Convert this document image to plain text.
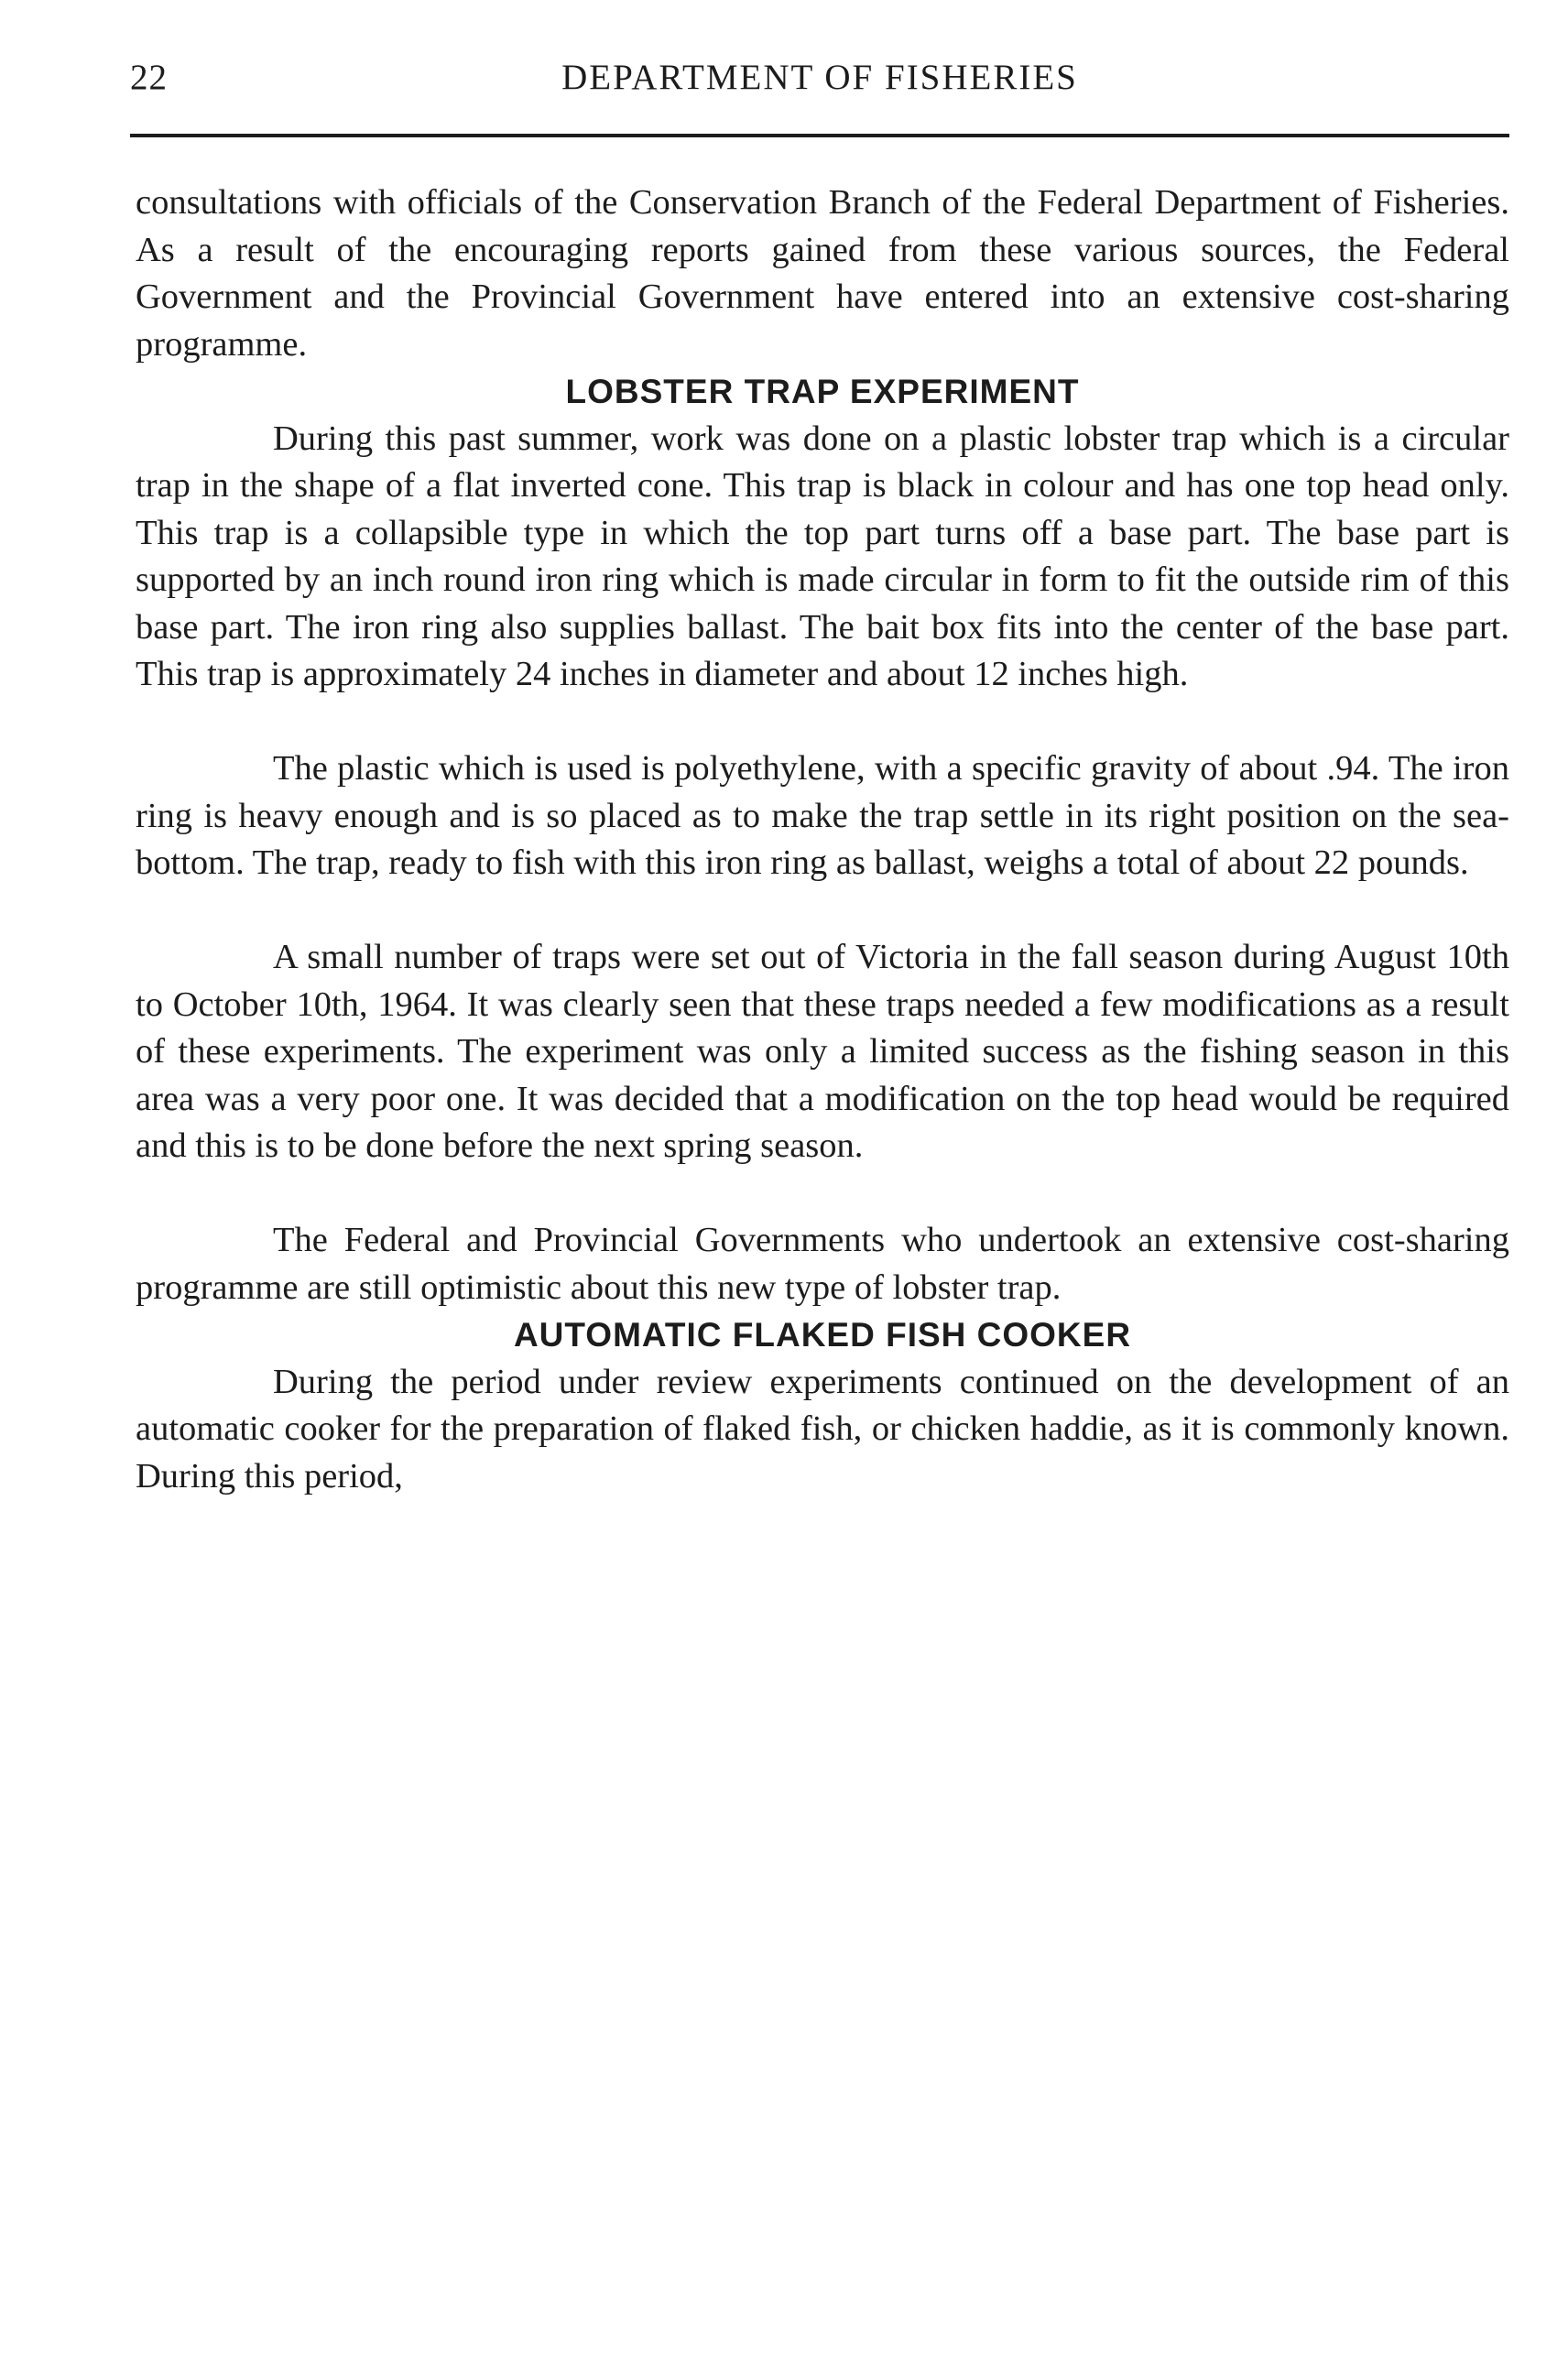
22	DEPARTMENT OF FISHERIES

consultations with officials of the Conservation Branch of the Federal Department of Fisheries. As a result of the encouraging reports gained from these various sources, the Federal Government and the Provincial Government have entered into an extensive cost-sharing programme.

LOBSTER TRAP EXPERIMENT

During this past summer, work was done on a plastic lobster trap which is a circular trap in the shape of a flat inverted cone. This trap is black in colour and has one top head only. This trap is a collapsible type in which the top part turns off a base part. The base part is supported by an inch round iron ring which is made circular in form to fit the outside rim of this base part. The iron ring also supplies ballast. The bait box fits into the center of the base part. This trap is approximately 24 inches in diameter and about 12 inches high.

The plastic which is used is polyethylene, with a specific gravity of about .94. The iron ring is heavy enough and is so placed as to make the trap settle in its right position on the sea-bottom. The trap, ready to fish with this iron ring as ballast, weighs a total of about 22 pounds.

A small number of traps were set out of Victoria in the fall season during August 10th to October 10th, 1964. It was clearly seen that these traps needed a few modifications as a result of these experiments. The experiment was only a limited success as the fishing season in this area was a very poor one. It was decided that a modification on the top head would be required and this is to be done before the next spring season.

The Federal and Provincial Governments who undertook an extensive cost-sharing programme are still optimistic about this new type of lobster trap.

AUTOMATIC FLAKED FISH COOKER

During the period under review experiments continued on the development of an automatic cooker for the preparation of flaked fish, or chicken haddie, as it is commonly known. During this period,
